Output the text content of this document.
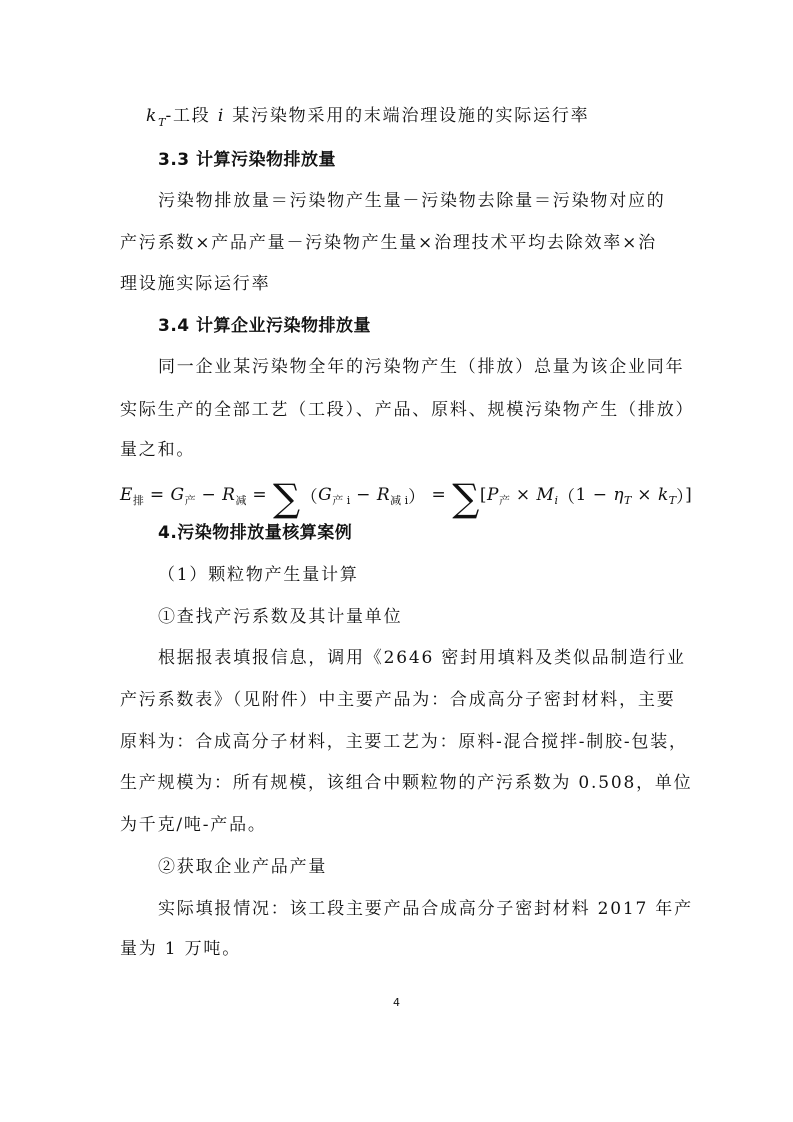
$k_T-$工段 i 某污染物采用的末端治理设施的实际运行率
3.3 计算污染物排放量
污染物排放量＝污染物产生量－污染物去除量＝污染物对应的
产污系数×产品产量－污染物产生量×治理技术平均去除效率×治
理设施实际运行率
3.4 计算企业污染物排放量
同一企业某污染物全年的污染物产生（排放）总量为该企业同年
实际生产的全部工艺（工段）、产品、原料、规模污染物产生（排放）
量之和。
$E_排 = G_产 - R_减 = \sum(G_{产 i} - R_{减 i}) = \sum[P_产 \times M_i(1 - \eta_T \times k_T)]$
4.污染物排放量核算案例
（1）颗粒物产生量计算
①查找产污系数及其计量单位
根据报表填报信息，调用《2646 密封用填料及类似品制造行业
产污系数表》（见附件）中主要产品为：合成高分子密封材料，主要
原料为：合成高分子材料，主要工艺为：原料-混合搅拌-制胶-包装，
生产规模为：所有规模，该组合中颗粒物的产污系数为 0.508，单位
为千克/吨-产品。
②获取企业产品产量
实际填报情况：该工段主要产品合成高分子密封材料 2017 年产
量为 1 万吨。
4
